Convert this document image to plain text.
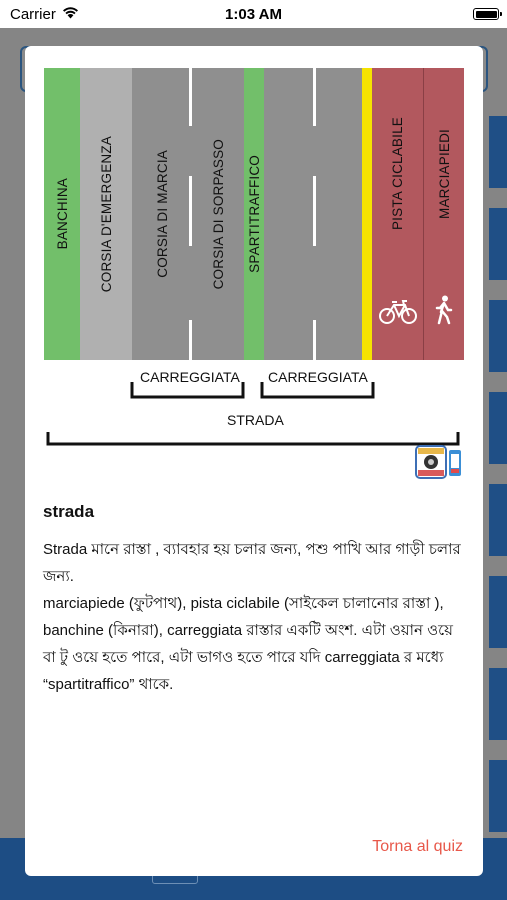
Carrier	1:03 AM
BANCHINA CORSIA D'EMERGENZA	CORSIA DI MARCIA	CORSIA DI SORPASSO SPARTITRAFFICO	PISTA CICLABILE MARCIAPIEDI
CARREGGIATA CARREGGIATA
STRADA
strada

Strada মানে রাস্তা , ব্যাবহার হয় চলার জন্য, পশু পাখি আর গাড়ী চলার জন্য.

marciapiede (ফুটপাথ), pista ciclabile (সাইকেল চালানোর রাস্তা ), banchine (কিনারা), carreggiata রাস্তার একটি অংশ. এটা ওয়ান ওয়ে বা টু ওয়ে হতে পারে, এটা ভাগও হতে পারে যদি carreggiata র মধ্যে “spartitraffico” থাকে.

Torna al quiz
